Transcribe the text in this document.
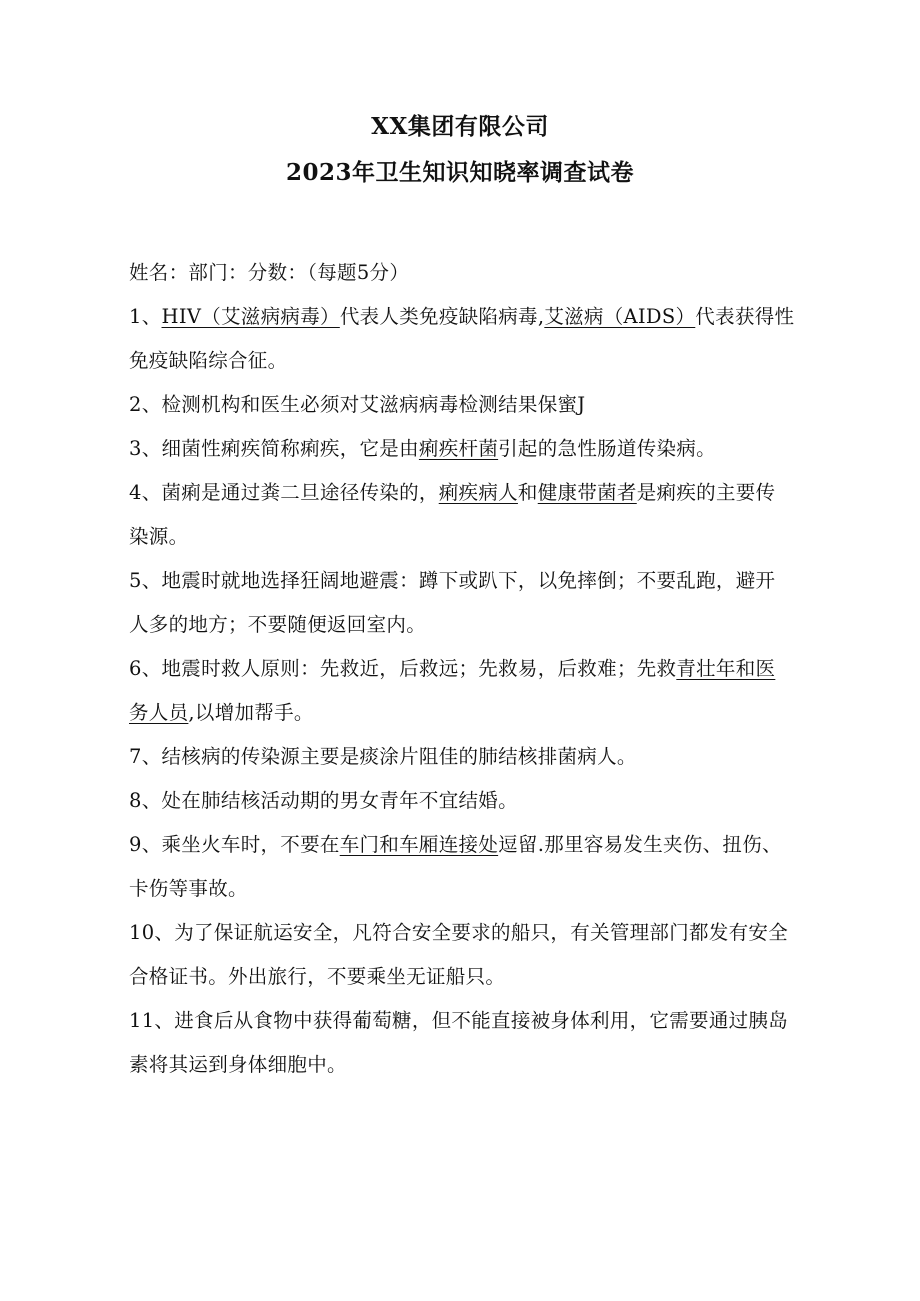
XX集团有限公司
2023年卫生知识知晓率调查试卷
姓名：部门：分数：（每题5分）
1、HIV（艾滋病病毒）代表人类免疫缺陷病毒,艾滋病（AIDS）代表获得性
免疫缺陷综合征。
2、检测机构和医生必须对艾滋病病毒检测结果保蜜J
3、细菌性痢疾简称痢疾，它是由痢疾杆菌引起的急性肠道传染病。
4、菌痢是通过粪二旦途径传染的，痢疾病人和健康带菌者是痢疾的主要传
染源。
5、地震时就地选择狂阔地避震：蹲下或趴下，以免摔倒；不要乱跑，避开
人多的地方；不要随便返回室内。
6、地震时救人原则：先救近，后救远；先救易，后救难；先救青壮年和医
务人员,以增加帮手。
7、结核病的传染源主要是痰涂片阻佳的肺结核排菌病人。
8、处在肺结核活动期的男女青年不宜结婚。
9、乘坐火车时，不要在车门和车厢连接处逗留.那里容易发生夹伤、扭伤、
卡伤等事故。
10、为了保证航运安全，凡符合安全要求的船只，有关管理部门都发有安全
合格证书。外出旅行，不要乘坐无证船只。
11、进食后从食物中获得葡萄糖，但不能直接被身体利用，它需要通过胰岛
素将其运到身体细胞中。
